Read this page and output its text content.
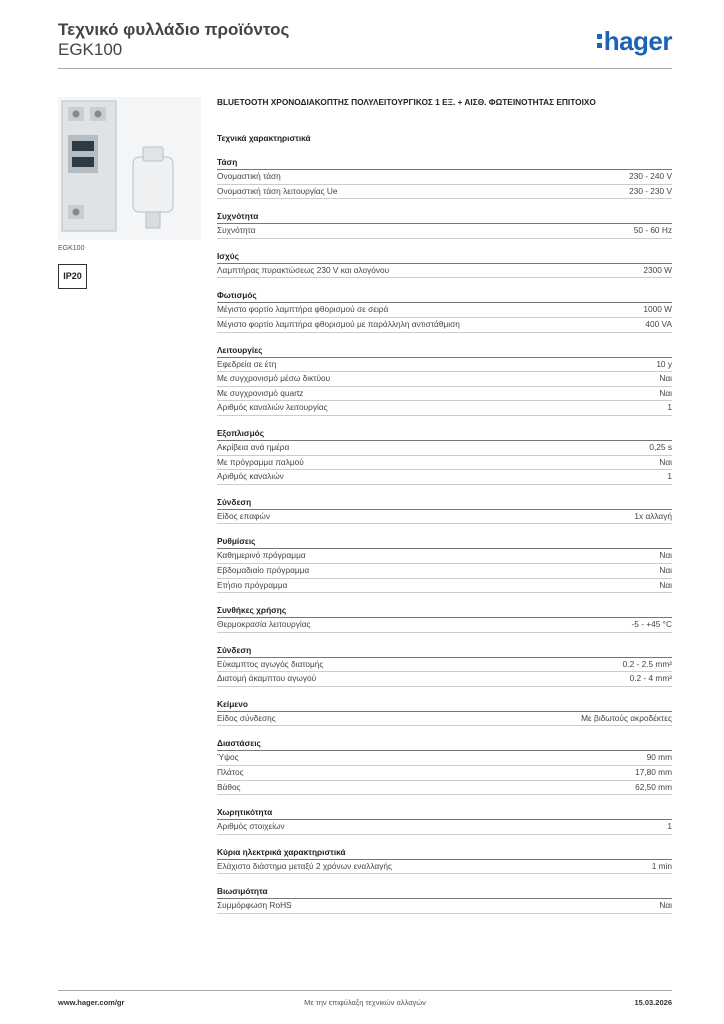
Τεχνικό φυλλάδιο προϊόντος
EGK100	hager
EGK100
IP20
BLUETOOTH ΧΡΟΝΟΔΙΑΚΟΠΤΗΣ ΠΟΛΥΛΕΙΤΟΥΡΓΙΚΟΣ 1 ΕΞ. + ΑΙΣΘ. ΦΩΤΕΙΝΟΤΗΤΑΣ ΕΠΙΤΟΙΧΟ
Τεχνικά χαρακτηριστικά
Τάση
Ονομαστική τάση	230 - 240 V
Ονομαστική τάση λειτουργίας Ue	230 - 230 V
Συχνότητα
Συχνότητα	50 - 60 Hz
Ισχύς
Λαμπτήρας πυρακτώσεως 230 V και αλογόνου	2300 W
Φωτισμός
Μέγιστο φορτίο λαμπτήρα φθορισμού σε σειρά	1000 W
Μέγιστο φορτίο λαμπτήρα φθορισμού με παράλληλη αντιστάθμιση	400 VA
Λειτουργίες
Εφεδρεία σε έτη	10 y
Με συγχρονισμό μέσω δικτύου	Ναι
Με συγχρονισμό quartz	Ναι
Αριθμός καναλιών λειτουργίας	1
Εξοπλισμός
Ακρίβεια ανά ημέρα	0,25 s
Με πρόγραμμα παλμού	Ναι
Αριθμός καναλιών	1
Σύνδεση
Είδος επαφών	1x αλλαγή
Ρυθμίσεις
Καθημερινό πρόγραμμα	Ναι
Εβδομαδιαίο πρόγραμμα	Ναι
Ετήσιο πρόγραμμα	Ναι
Συνθήκες χρήσης
Θερμοκρασία λειτουργίας	-5 - +45 °C
Σύνδεση
Εύκαμπτος αγωγός διατομής	0.2 - 2.5 mm²
Διατομή άκαμπτου αγωγού	0.2 - 4 mm²
Κείμενο
Είδος σύνδεσης	Με βιδωτούς ακροδέκτες
Διαστάσεις
Ύψος	90 mm
Πλάτος	17,80 mm
Βάθος	62,50 mm
Χωρητικότητα
Αριθμός στοιχείων	1
Κύρια ηλεκτρικά χαρακτηριστικά
Ελάχιστο διάστημα μεταξύ 2 χρόνων εναλλαγής	1 min
Βιωσιμότητα
Συμμόρφωση RoHS	Ναι
www.hager.com/gr	Με την επιφύλαξη τεχνικών αλλαγών	15.03.2026
